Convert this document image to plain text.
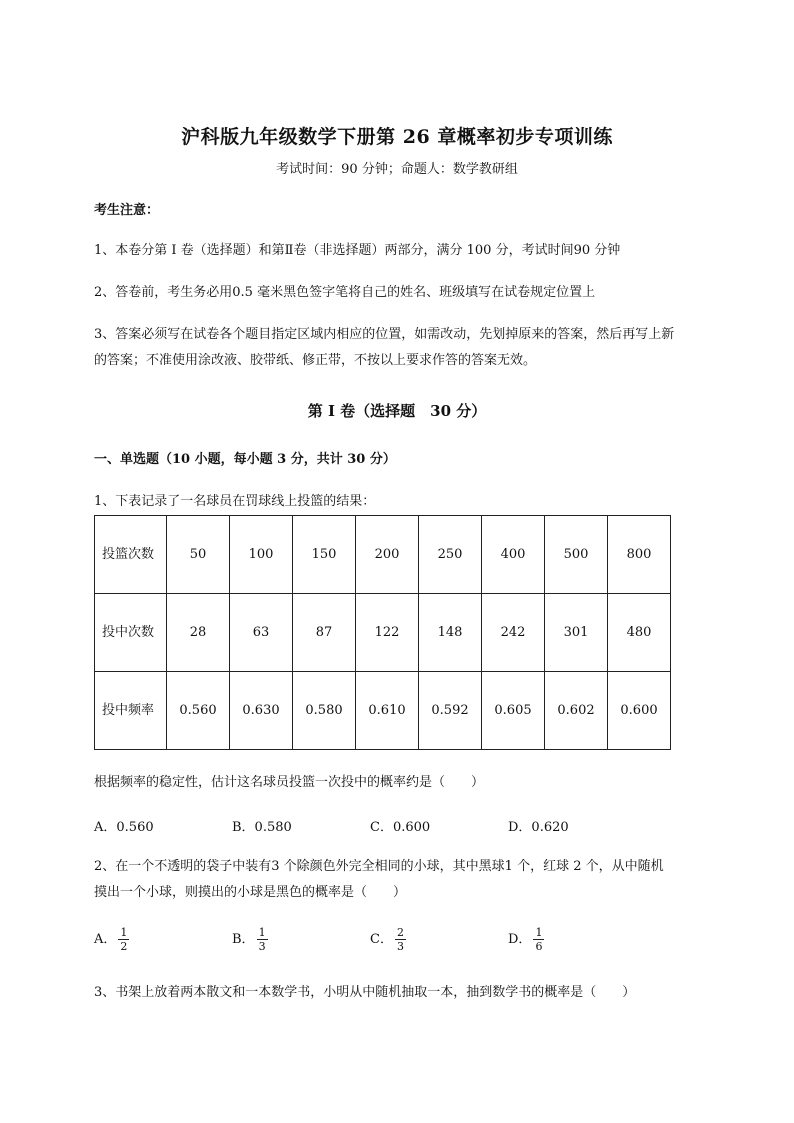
沪科版九年级数学下册第 26 章概率初步专项训练
考试时间：90 分钟；命题人：数学教研组
考生注意：
1、本卷分第 I 卷（选择题）和第Ⅱ卷（非选择题）两部分，满分 100 分，考试时间90 分钟
2、答卷前，考生务必用0.5 毫米黑色签字笔将自己的姓名、班级填写在试卷规定位置上
3、答案必须写在试卷各个题目指定区域内相应的位置，如需改动，先划掉原来的答案，然后再写上新
的答案；不准使用涂改液、胶带纸、修正带，不按以上要求作答的答案无效。
第 I 卷（选择题　30 分）
一、单选题（10 小题，每小题 3 分，共计 30 分）
1、下表记录了一名球员在罚球线上投篮的结果：
投篮次数	50	100	150	200	250	400	500	800
投中次数	28	63	87	122	148	242	301	480
投中频率	0.560	0.630	0.580	0.610	0.592	0.605	0.602	0.600
根据频率的稳定性，估计这名球员投篮一次投中的概率约是（　　）
A．0.560	B．0.580	C．0.600	D．0.620
2、在一个不透明的袋子中装有3 个除颜色外完全相同的小球，其中黑球1 个，红球 2 个，从中随机
摸出一个小球，则摸出的小球是黑色的概率是（　　）
A． $\frac{1}{2}$	B． $\frac{1}{3}$	C． $\frac{2}{3}$	D． $\frac{1}{6}$
3、书架上放着两本散文和一本数学书，小明从中随机抽取一本，抽到数学书的概率是（　　）
